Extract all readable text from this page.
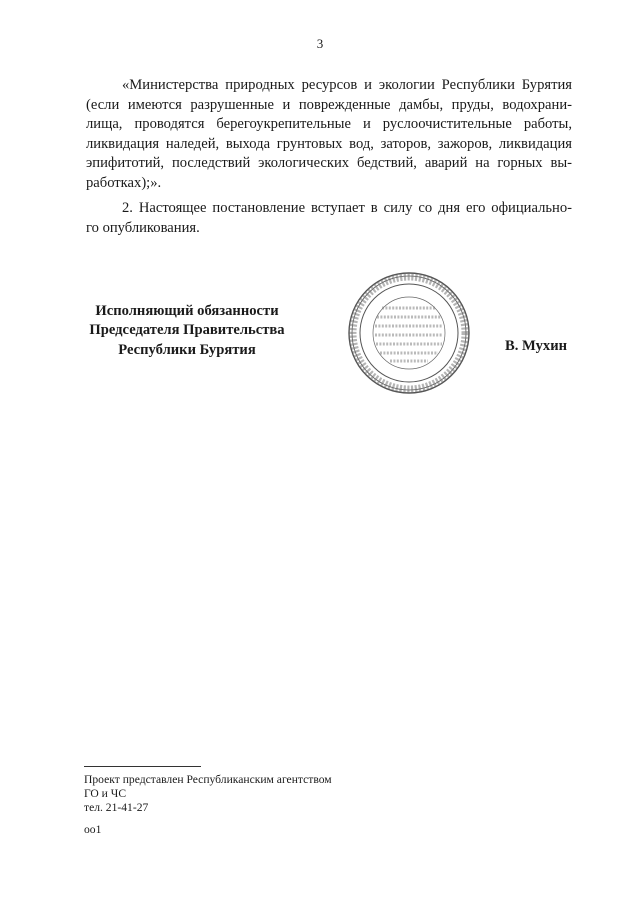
3
«Министерства природных ресурсов и экологии Республики Бурятия
(если имеются разрушенные и поврежденные дамбы, пруды, водохрани-
лища, проводятся берегоукрепительные и руслоочистительные работы,
ликвидация наледей, выхода грунтовых вод, заторов, зажоров, ликвидация
эпифитотий, последствий экологических бедствий, аварий на горных вы-
работках);».
2. Настоящее постановление вступает в силу со дня его официально-
го опубликования.
Исполняющий обязанности
Председателя Правительства
Республики Бурятия	В. Мухин
Проект представлен Республиканским агентством
ГО и ЧС
тел. 21-41-27
оо1
